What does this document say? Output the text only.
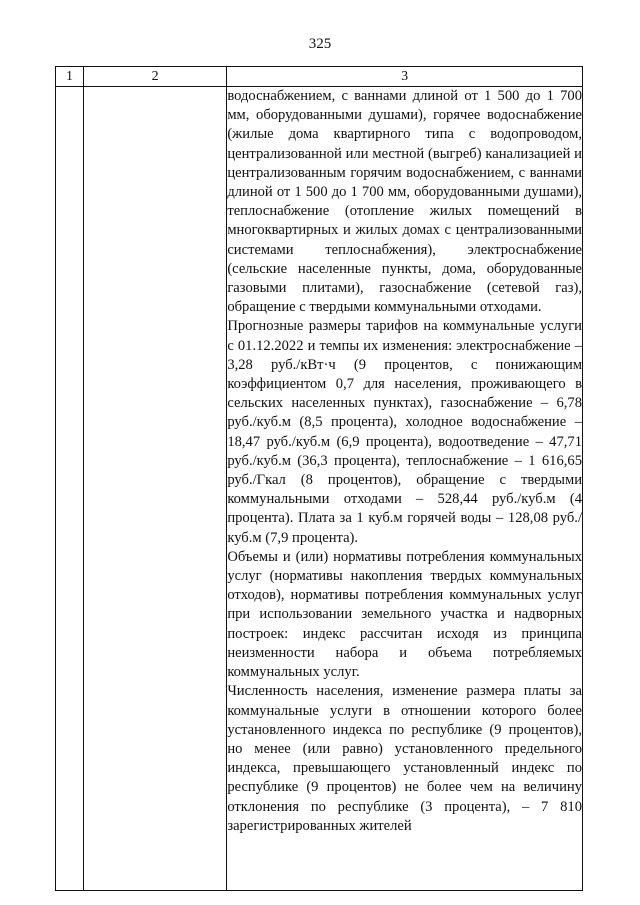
325
1	2	3

		водоснабжением, с ваннами длиной от 1 500 до 1 700 мм, оборудованными душами), горячее водоснабжение (жилые дома квартирного типа с водопроводом, централизованной или местной (выгреб) канализацией и централизованным горячим водоснабжением, с ваннами длиной от 1 500 до 1 700 мм, оборудованными душами), теплоснабжение (отопление жилых помещений в многоквартирных и жилых домах с централизованными системами теплоснабжения), электроснабжение (сельские населенные пункты, дома, оборудованные газовыми плитами), газоснабжение (сетевой газ), обращение с твердыми коммунальными отходами.

Прогнозные размеры тарифов на коммунальные услуги с 01.12.2022 и темпы их изменения: электроснабжение – 3,28 руб./кВт·ч (9 процентов, с понижающим коэффициентом 0,7 для населения, проживающего в сельских населенных пунктах), газоснабжение – 6,78 руб./куб.м (8,5 процента), холодное водоснабжение – 18,47 руб./куб.м (6,9 процента), водоотведение – 47,71 руб./куб.м (36,3 процента), теплоснабжение – 1 616,65 руб./Гкал (8 процентов), обращение с твердыми коммунальными отходами – 528,44 руб./куб.м (4 процента). Плата за 1 куб.м горячей воды – 128,08 руб./куб.м (7,9 процента).

Объемы и (или) нормативы потребления коммунальных услуг (нормативы накопления твердых коммунальных отходов), нормативы потребления коммунальных услуг при использовании земельного участка и надворных построек: индекс рассчитан исходя из принципа неизменности набора и объема потребляемых коммунальных услуг.

Численность населения, изменение размера платы за коммунальные услуги в отношении которого более установленного индекса по республике (9 процентов), но менее (или равно) установленного предельного индекса, превышающего установленный индекс по республике (9 процентов) не более чем на величину отклонения по республике (3 процента), – 7 810 зарегистрированных жителей
